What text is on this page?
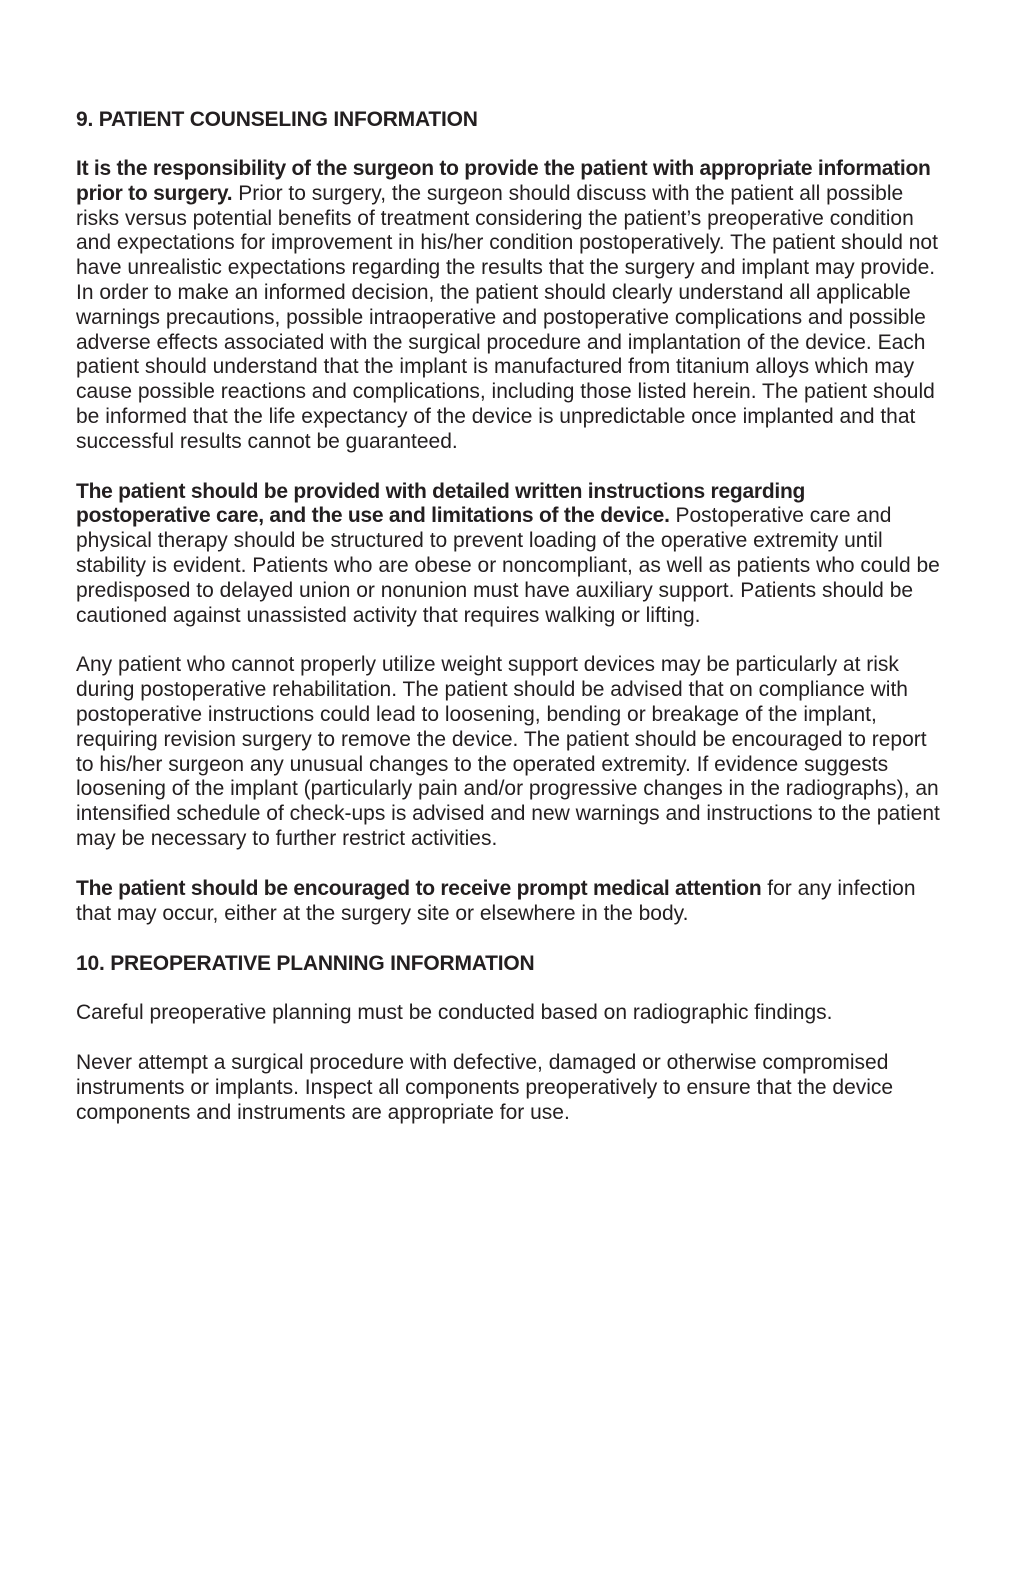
9. PATIENT COUNSELING INFORMATION

It is the responsibility of the surgeon to provide the patient with appropriate information prior to surgery. Prior to surgery, the surgeon should discuss with the patient all possible risks versus potential benefits of treatment considering the patient’s preoperative condition and expectations for improvement in his/her condition postoperatively. The patient should not have unrealistic expectations regarding the results that the surgery and implant may provide. In order to make an informed decision, the patient should clearly understand all applicable warnings precautions, possible intraoperative and postoperative complications and possible adverse effects associated with the surgical procedure and implantation of the device. Each patient should understand that the implant is manufactured from titanium alloys which may cause possible reactions and complications, including those listed herein. The patient should be informed that the life expectancy of the device is unpredictable once implanted and that successful results cannot be guaranteed.

The patient should be provided with detailed written instructions regarding postoperative care, and the use and limitations of the device. Postoperative care and physical therapy should be structured to prevent loading of the operative extremity until stability is evident. Patients who are obese or noncompliant, as well as patients who could be predisposed to delayed union or nonunion must have auxiliary support. Patients should be cautioned against unassisted activity that requires walking or lifting.

Any patient who cannot properly utilize weight support devices may be particularly at risk during postoperative rehabilitation. The patient should be advised that on compliance with postoperative instructions could lead to loosening, bending or breakage of the implant, requiring revision surgery to remove the device. The patient should be encouraged to report to his/her surgeon any unusual changes to the operated extremity. If evidence suggests loosening of the implant (particularly pain and/or progressive changes in the radiographs), an intensified schedule of check-ups is advised and new warnings and instructions to the patient may be necessary to further restrict activities.

The patient should be encouraged to receive prompt medical attention for any infection that may occur, either at the surgery site or elsewhere in the body.

10. PREOPERATIVE PLANNING INFORMATION

Careful preoperative planning must be conducted based on radiographic findings.

Never attempt a surgical procedure with defective, damaged or otherwise compromised instruments or implants. Inspect all components preoperatively to ensure that the device components and instruments are appropriate for use.
